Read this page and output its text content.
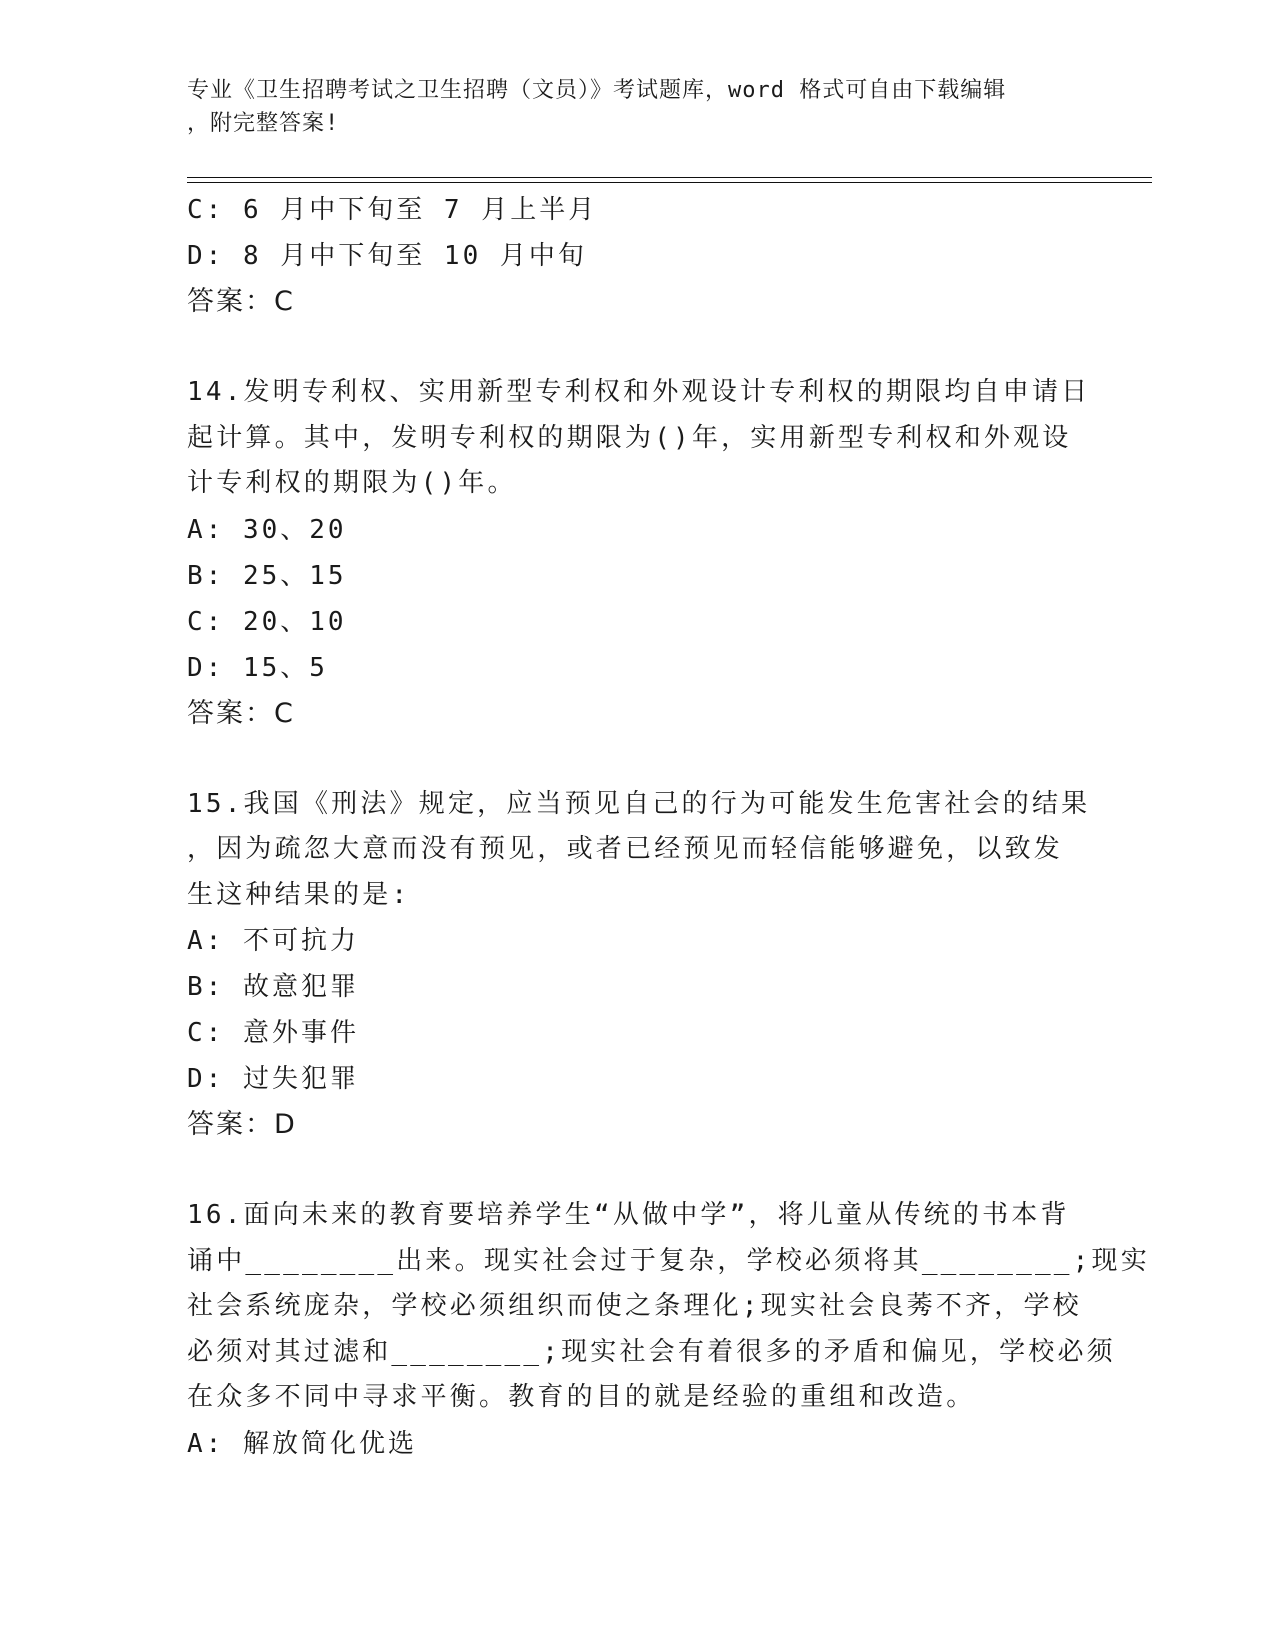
专业《卫生招聘考试之卫生招聘（文员）》考试题库，word 格式可自由下载编辑
，附完整答案!
C: 6 月中下旬至 7 月上半月
D: 8 月中下旬至 10 月中旬
答案：C
14.发明专利权、实用新型专利权和外观设计专利权的期限均自申请日
起计算。其中，发明专利权的期限为()年，实用新型专利权和外观设
计专利权的期限为()年。
A: 30、20
B: 25、15
C: 20、10
D: 15、5
答案：C
15.我国《刑法》规定，应当预见自己的行为可能发生危害社会的结果
，因为疏忽大意而没有预见，或者已经预见而轻信能够避免，以致发
生这种结果的是:
A: 不可抗力
B: 故意犯罪
C: 意外事件
D: 过失犯罪
答案：D
16.面向未来的教育要培养学生“从做中学”，将儿童从传统的书本背
诵中________出来。现实社会过于复杂，学校必须将其________;现实
社会系统庞杂，学校必须组织而使之条理化;现实社会良莠不齐，学校
必须对其过滤和________;现实社会有着很多的矛盾和偏见，学校必须
在众多不同中寻求平衡。教育的目的就是经验的重组和改造。
A: 解放简化优选
